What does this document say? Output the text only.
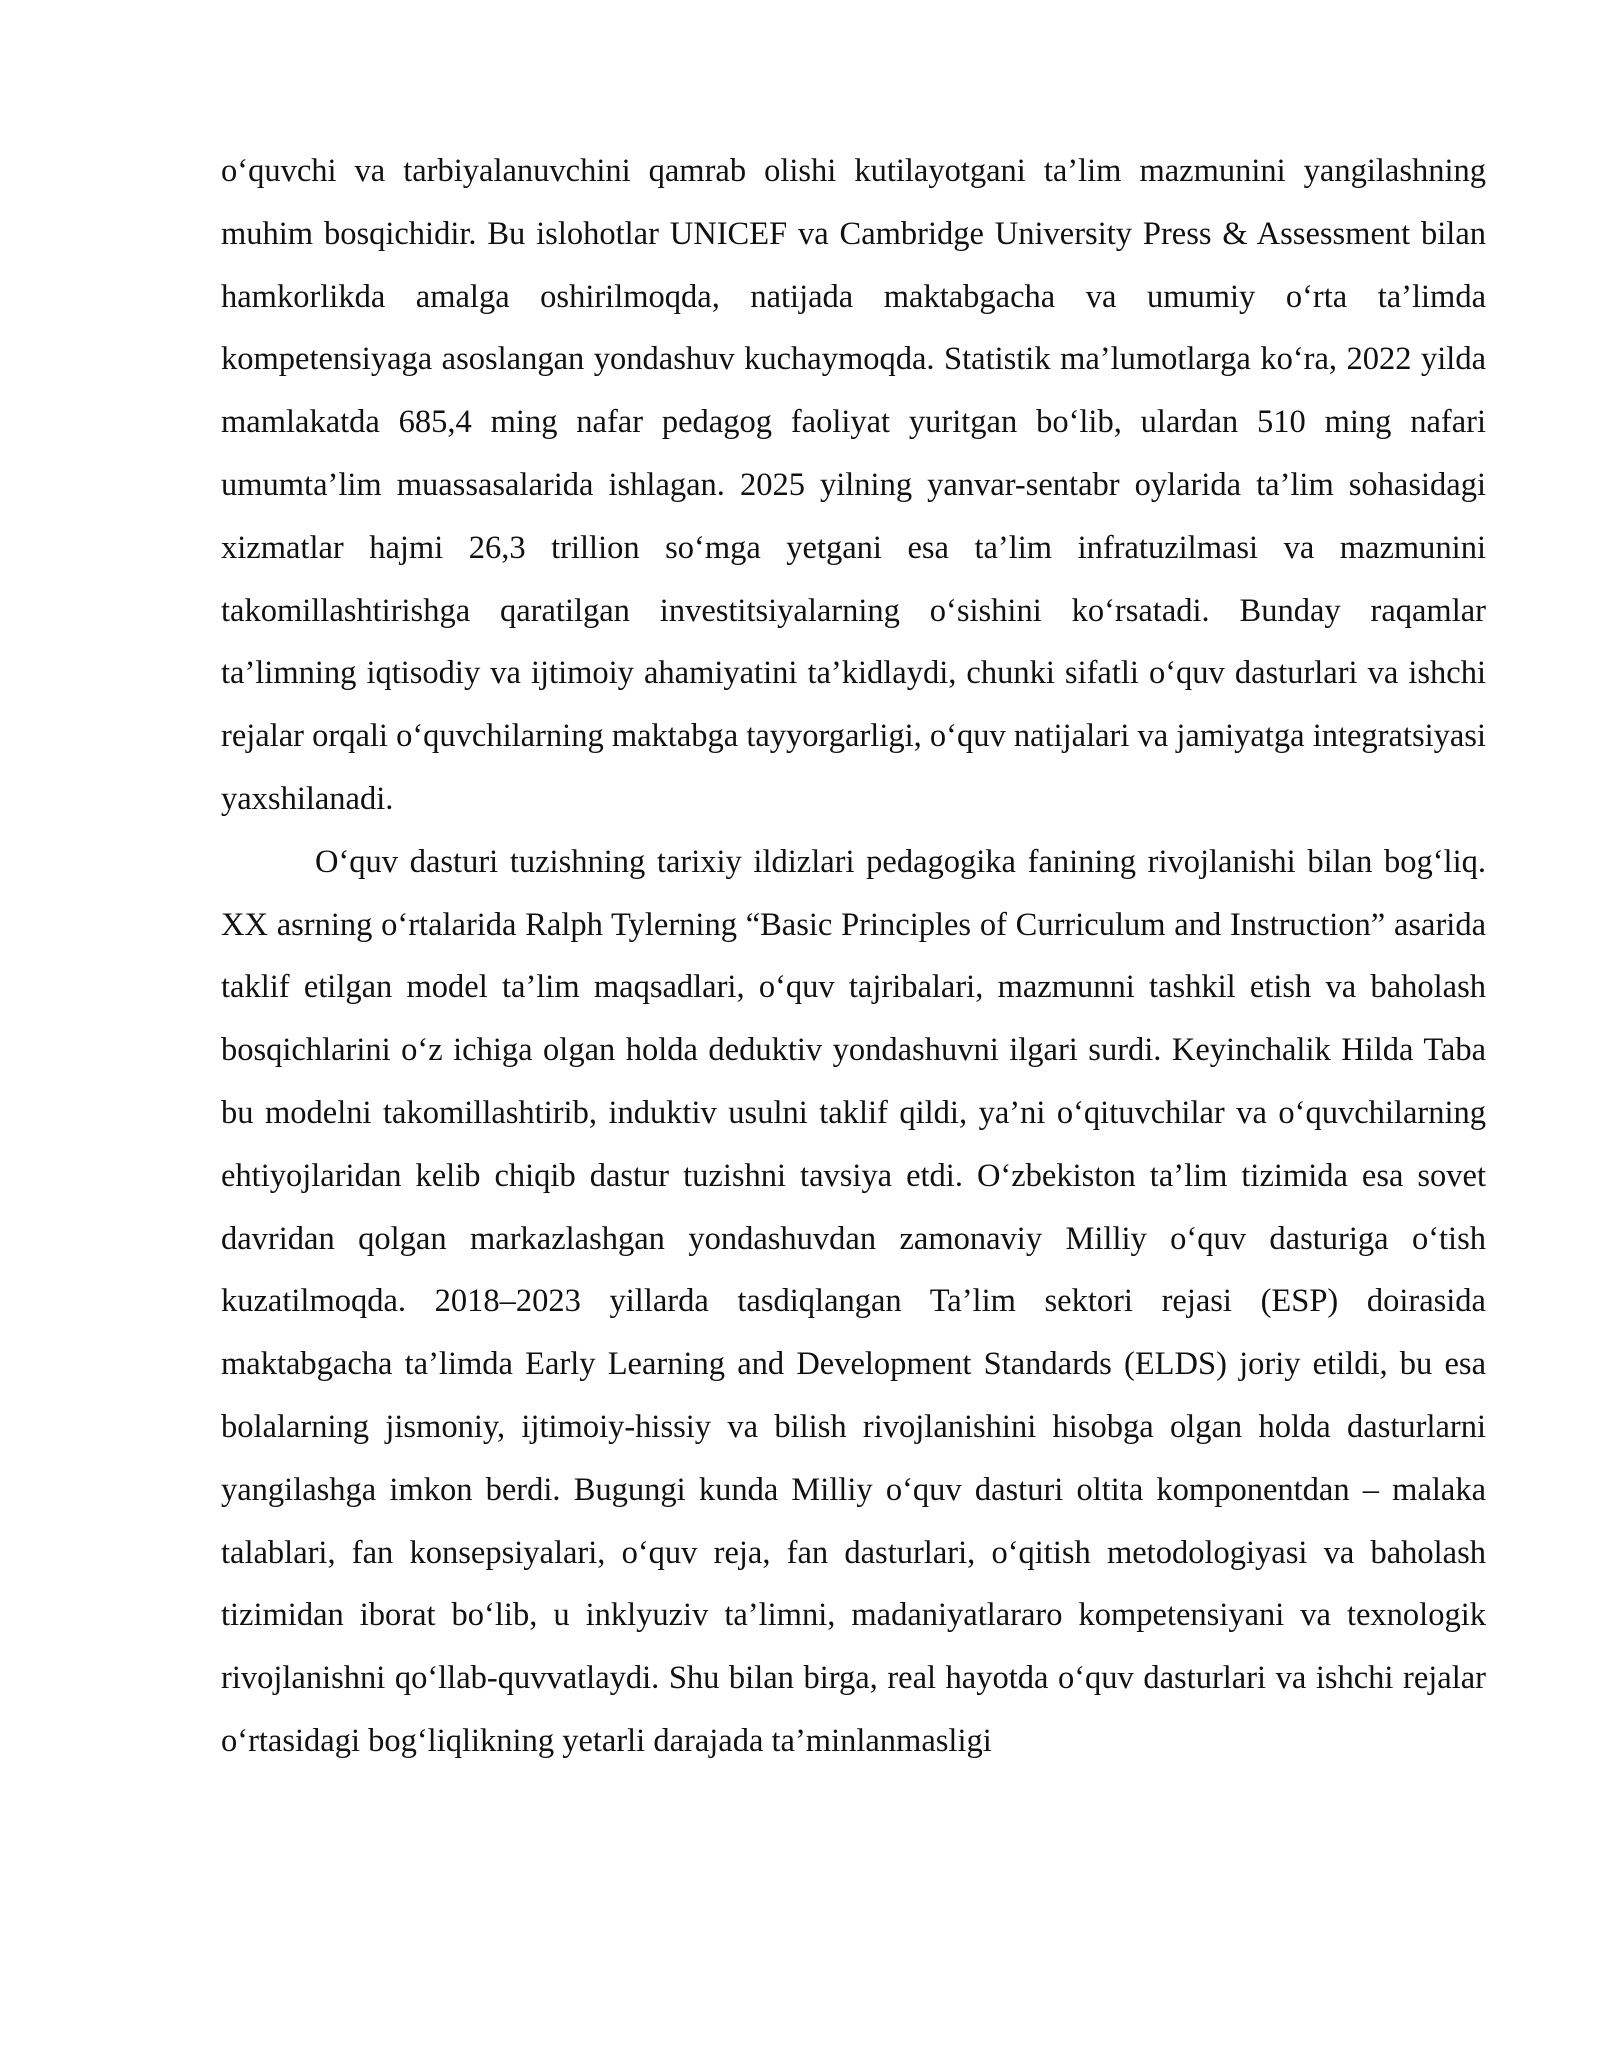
o‘quvchi va tarbiyalanuvchini qamrab olishi kutilayotgani ta’lim mazmunini yangilashning muhim bosqichidir. Bu islohotlar UNICEF va Cambridge University Press & Assessment bilan hamkorlikda amalga oshirilmoqda, natijada maktabgacha va umumiy o‘rta ta’limda kompetensiyaga asoslangan yondashuv kuchaymoqda. Statistik ma’lumotlarga ko‘ra, 2022 yilda mamlakatda 685,4 ming nafar pedagog faoliyat yuritgan bo‘lib, ulardan 510 ming nafari umumta’lim muassasalarida ishlagan. 2025 yilning yanvar-sentabr oylarida ta’lim sohasidagi xizmatlar hajmi 26,3 trillion so‘mga yetgani esa ta’lim infratuzilmasi va mazmunini takomillashtirishga qaratilgan investitsiyalarning o‘sishini ko‘rsatadi. Bunday raqamlar ta’limning iqtisodiy va ijtimoiy ahamiyatini ta’kidlaydi, chunki sifatli o‘quv dasturlari va ishchi rejalar orqali o‘quvchilarning maktabga tayyorgarligi, o‘quv natijalari va jamiyatga integratsiyasi yaxshilanadi.

O‘quv dasturi tuzishning tarixiy ildizlari pedagogika fanining rivojlanishi bilan bog‘liq. XX asrning o‘rtalarida Ralph Tylerning “Basic Principles of Curriculum and Instruction” asarida taklif etilgan model ta’lim maqsadlari, o‘quv tajribalari, mazmunni tashkil etish va baholash bosqichlarini o‘z ichiga olgan holda deduktiv yondashuvni ilgari surdi. Keyinchalik Hilda Taba bu modelni takomillashtirib, induktiv usulni taklif qildi, ya’ni o‘qituvchilar va o‘quvchilarning ehtiyojlaridan kelib chiqib dastur tuzishni tavsiya etdi. O‘zbekiston ta’lim tizimida esa sovet davridan qolgan markazlashgan yondashuvdan zamonaviy Milliy o‘quv dasturiga o‘tish kuzatilmoqda. 2018–2023 yillarda tasdiqlangan Ta’lim sektori rejasi (ESP) doirasida maktabgacha ta’limda Early Learning and Development Standards (ELDS) joriy etildi, bu esa bolalarning jismoniy, ijtimoiy-hissiy va bilish rivojlanishini hisobga olgan holda dasturlarni yangilashga imkon berdi. Bugungi kunda Milliy o‘quv dasturi oltita komponentdan – malaka talablari, fan konsepsiyalari, o‘quv reja, fan dasturlari, o‘qitish metodologiyasi va baholash tizimidan iborat bo‘lib, u inklyuziv ta’limni, madaniyatlararo kompetensiyani va texnologik rivojlanishni qo‘llab-quvvatlaydi. Shu bilan birga, real hayotda o‘quv dasturlari va ishchi rejalar o‘rtasidagi bog‘liqlikning yetarli darajada ta’minlanmasligi
